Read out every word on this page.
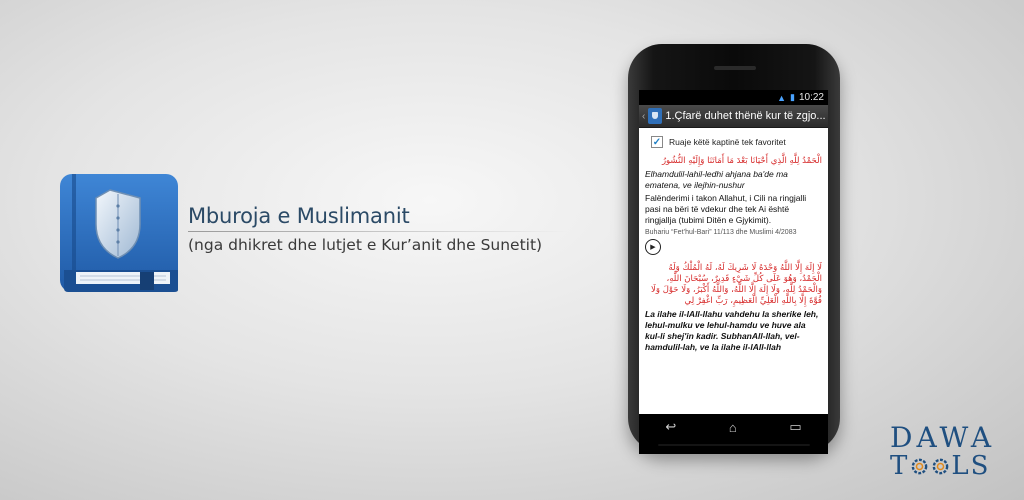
Mburoja e Muslimanit
(nga dhikret dhe lutjet e Kur’anit dhe Sunetit)
▲ ▮ 10:22
‹ 1.Çfarë duhet thënë kur të zgjo...
✓ Ruaje këtë kaptinë tek favoritet

الْحَمْدُ لِلَّهِ الَّذِي أَحْيَانَا بَعْدَ مَا أَمَاتَنَا وَإِلَيْهِ النُّشُورُ

Elhamdulil-lahil-ledhi ahjana ba'de ma ematena, ve ilejhin-nushur

Falënderimi i takon Allahut, i Cili na ringjalli pasi na bëri të vdekur dhe tek Ai është ringjallja (tubimi Ditën e Gjykimit).

Buhariu “Fet’hul-Bari” 11/113 dhe Muslimi 4/2083

▶

لَا إِلَهَ إِلَّا اللَّهُ وَحْدَهُ لَا شَرِيكَ لَهُ، لَهُ الْمُلْكُ وَلَهُ الْحَمْدُ، وَهُوَ عَلَى كُلِّ شَيْءٍ قَدِيرٌ، سُبْحَانَ اللَّهِ، وَالْحَمْدُ لِلَّهِ، وَلَا إِلَهَ إِلَّا اللَّهُ، وَاللَّهُ أَكْبَرُ، وَلَا حَوْلَ وَلَا قُوَّةَ إِلَّا بِاللَّهِ الْعَلِيِّ الْعَظِيمِ، رَبِّ اغْفِرْ لِي

La ilahe il-lAll-llahu vahdehu la sherike leh, lehul-mulku ve lehul-hamdu ve huve ala kul-li shej'in kadir. SubhanAll-llah, vel-hamdulil-lah, ve la ilahe il-lAll-llah

↩	⌂	▭	DAWA
T LS
